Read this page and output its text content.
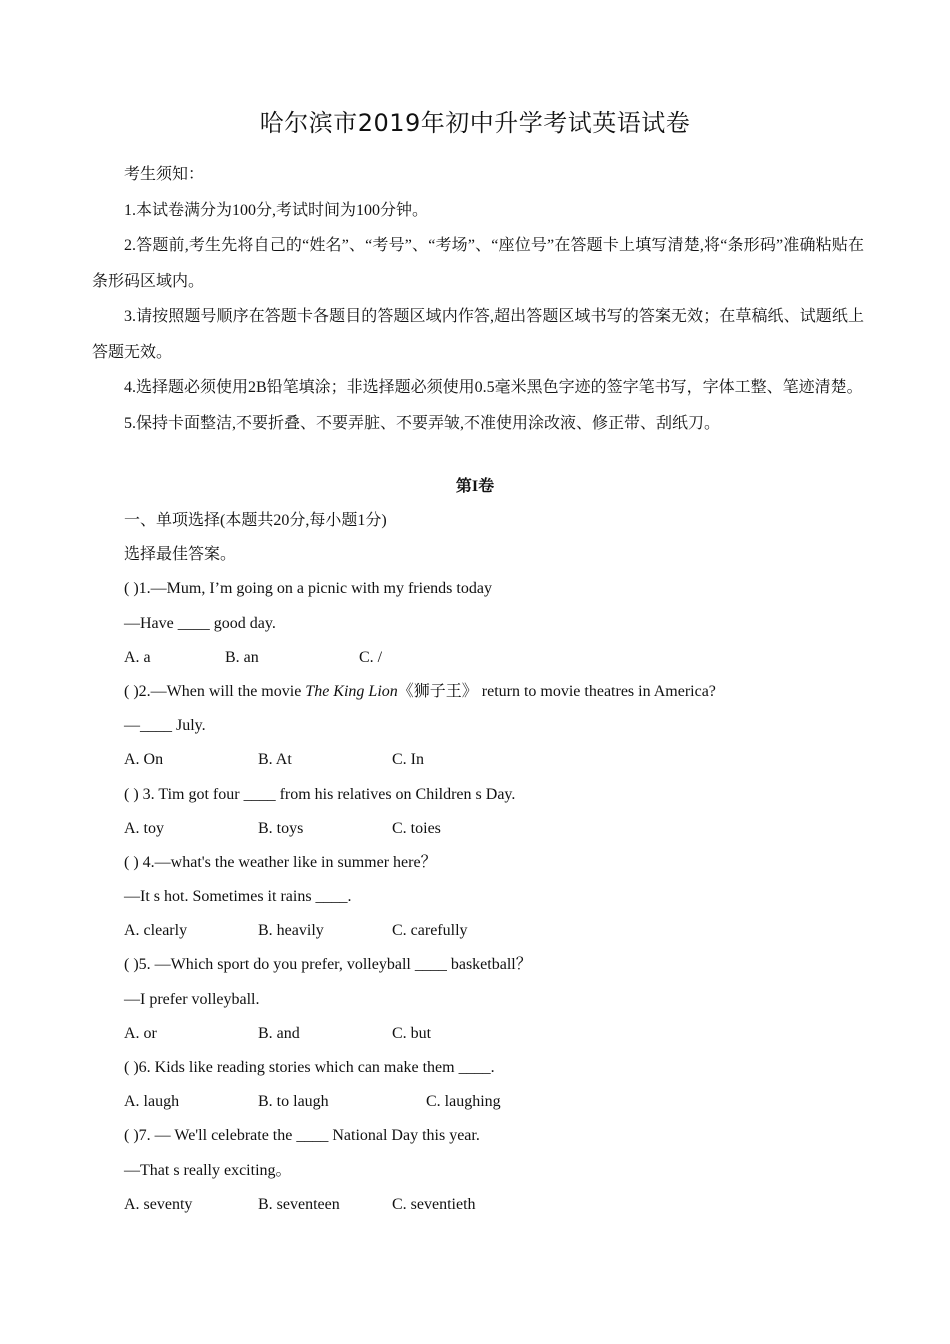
哈尔滨市2019年初中升学考试英语试卷

考生须知：

1.本试卷满分为100分,考试时间为100分钟。

2.答题前,考生先将自己的“姓名”、“考号”、“考场”、“座位号”在答题卡上填写清楚,将“条形码”准确粘贴在条形码区域内。

3.请按照题号顺序在答题卡各题目的答题区域内作答,超出答题区域书写的答案无效；在草稿纸、试题纸上答题无效。

4.选择题必须使用2B铅笔填涂；非选择题必须使用0.5毫米黑色字迹的签字笔书写，字体工整、笔迹清楚。

5.保持卡面整洁,不要折叠、不要弄脏、不要弄皱,不准使用涂改液、修正带、刮纸刀。

第I卷
一、单项选择(本题共20分,每小题1分)
选择最佳答案。
( )1.—Mum, I’m going on a picnic with my friends today
—Have ____ good day.
A. a	B. an	C. /
( )2.—When will the movie The King Lion《狮子王》 return to movie theatres in America?
—____ July.
A. On	B. At	C. In
( ) 3. Tim got four ____ from his relatives on Children s Day.
A. toy	B. toys	C. toies
( ) 4.—what's the weather like in summer here？
—It s hot. Sometimes it rains ____.
A. clearly	B. heavily	C. carefully
( )5. —Which sport do you prefer, volleyball ____ basketball？
—I prefer volleyball.
A. or	B. and	C. but
( )6. Kids like reading stories which can make them ____.
A. laugh	B. to laugh	C. laughing
( )7. — We'll celebrate the ____ National Day this year.
—That s really exciting。
A. seventy	B. seventeen	C. seventieth
